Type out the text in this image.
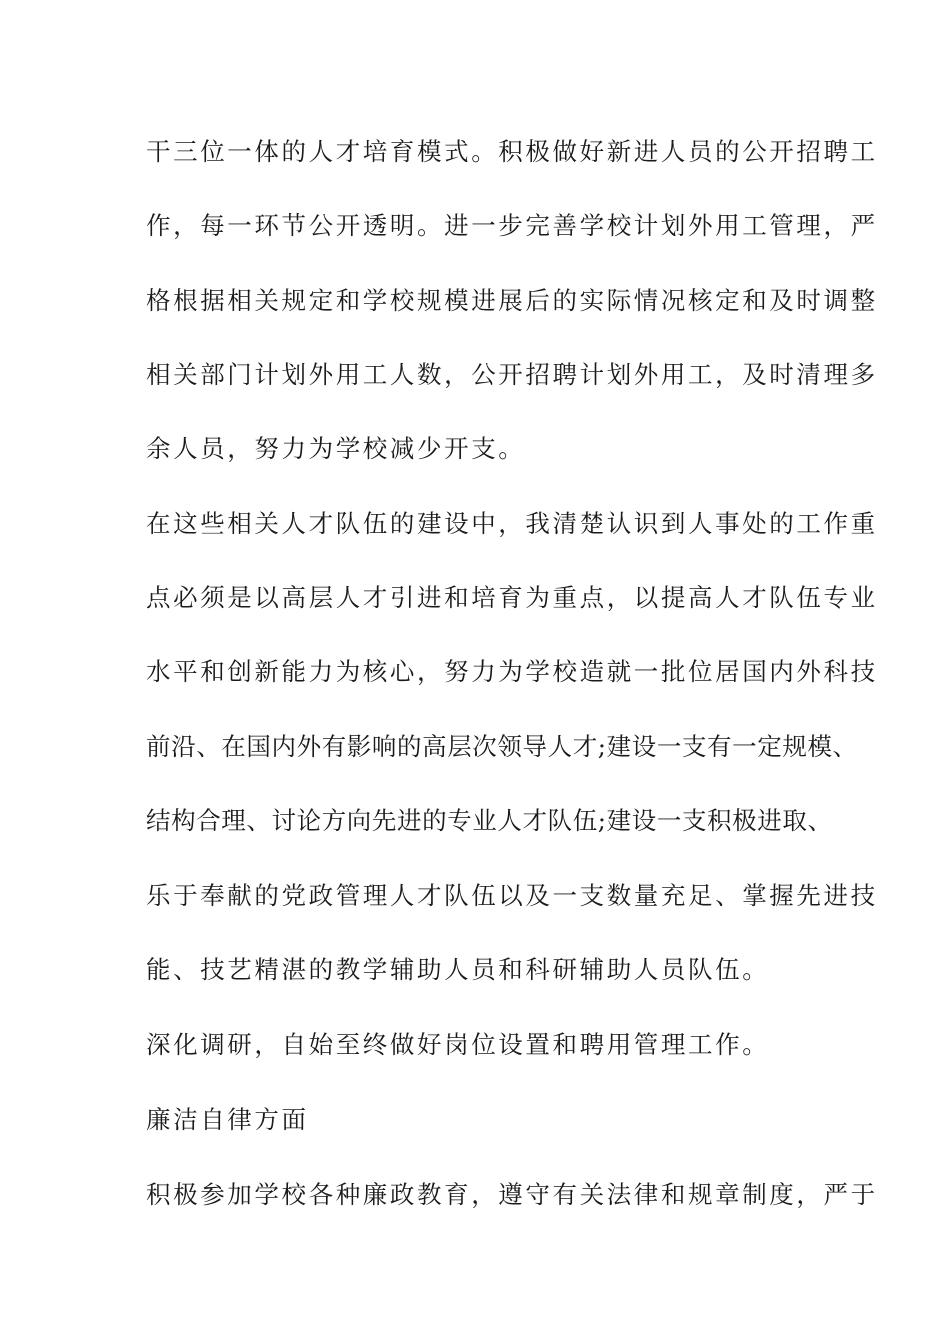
干三位一体的人才培育模式。积极做好新进人员的公开招聘工
作，每一环节公开透明。进一步完善学校计划外用工管理，严
格根据相关规定和学校规模进展后的实际情况核定和及时调整
相关部门计划外用工人数，公开招聘计划外用工，及时清理多
余人员，努力为学校减少开支。
在这些相关人才队伍的建设中，我清楚认识到人事处的工作重
点必须是以高层人才引进和培育为重点，以提高人才队伍专业
水平和创新能力为核心，努力为学校造就一批位居国内外科技
前沿、在国内外有影响的高层次领导人才;建设一支有一定规模、
结构合理、讨论方向先进的专业人才队伍;建设一支积极进取、
乐于奉献的党政管理人才队伍以及一支数量充足、掌握先进技
能、技艺精湛的教学辅助人员和科研辅助人员队伍。
深化调研，自始至终做好岗位设置和聘用管理工作。
廉洁自律方面
积极参加学校各种廉政教育，遵守有关法律和规章制度，严于
